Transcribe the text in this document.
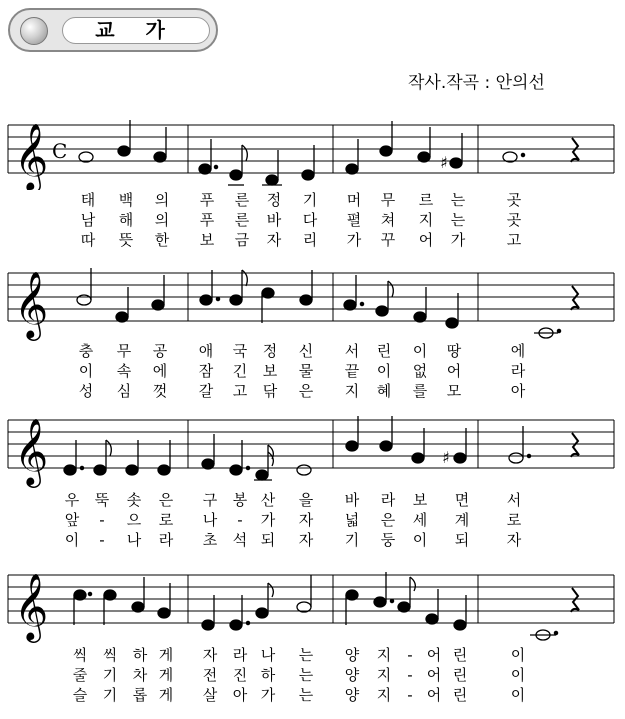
교 가
작사.작곡 : 안의선
𝄞 C	♯
𝄞
𝄞	♯
𝄞
태 백 의 푸 른 정 기 머 무 르 는	곳
남 해 의 푸 른 바 다 펼 쳐 지 는	곳
따 뜻 한 보 금 자 리 가 꾸 어 가	고
충 무 공 애 국 정 신 서 린 이 땅	에
이 속 에 잠 긴 보 물 끝 이 없 어	라
성 심 껏 갈 고 닦 은 지 혜 를 모	아
우 뚝 솟 은 구 봉 산 을 바 라 보 면	서
앞 - 으 로 나 - 가 자 넓 은 세 계	로
이 - 나 라 초 석 되 자 기 둥 이 되	자
씩 씩 하 게 자 라 나 는 양 지 - 어 린	이
줄 기 차 게 전 진 하 는 양 지 - 어 린	이
슬 기 롭 게 살 아 가 는 양 지 - 어 린	이
